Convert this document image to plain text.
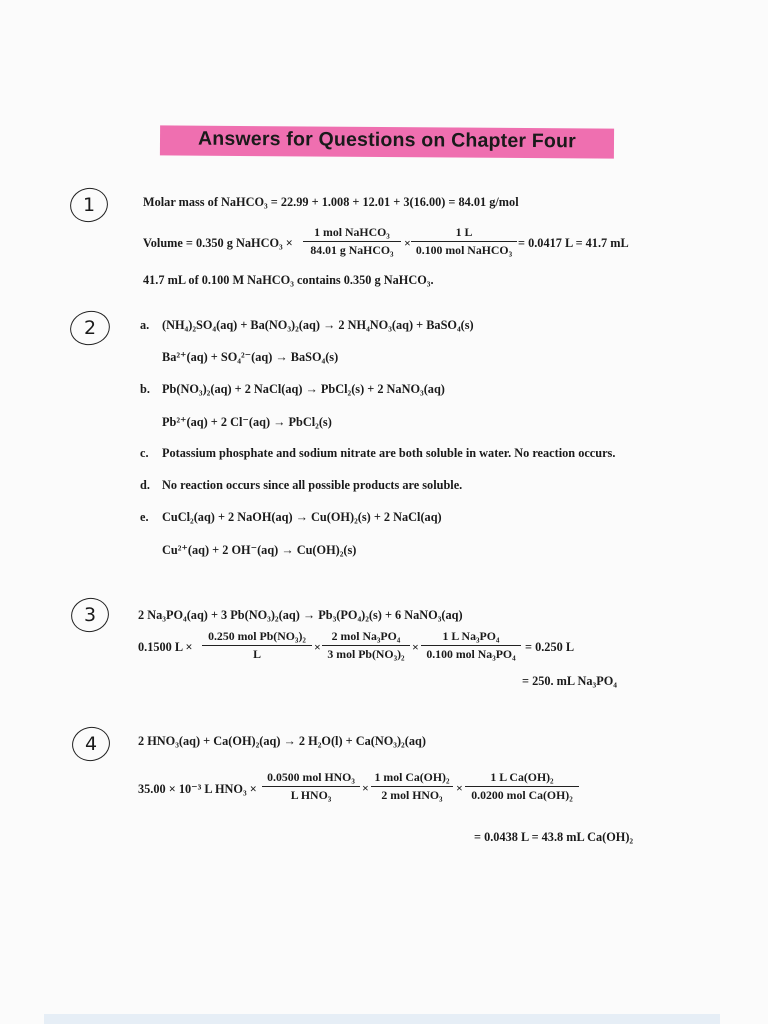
Answers for Questions on Chapter Four
1	Molar mass of NaHCO₃ = 22.99 + 1.008 + 12.01 + 3(16.00) = 84.01 g/mol
Volume = 0.350 g NaHCO₃ ×
1 mol NaHCO₃
84.01 g NaHCO₃ ×
1 L
0.100 mol NaHCO₃ = 0.0417 L = 41.7 mL
41.7 mL of 0.100 M NaHCO₃ contains 0.350 g NaHCO₃.
2	a. (NH₄)₂SO₄(aq) + Ba(NO₃)₂(aq) → 2 NH₄NO₃(aq) + BaSO₄(s)
Ba²⁺(aq) + SO₄²⁻(aq) → BaSO₄(s)
b. Pb(NO₃)₂(aq) + 2 NaCl(aq) → PbCl₂(s) + 2 NaNO₃(aq)
Pb²⁺(aq) + 2 Cl⁻(aq) → PbCl₂(s)
c. Potassium phosphate and sodium nitrate are both soluble in water. No reaction occurs.
d. No reaction occurs since all possible products are soluble.
e. CuCl₂(aq) + 2 NaOH(aq) → Cu(OH)₂(s) + 2 NaCl(aq)
Cu²⁺(aq) + 2 OH⁻(aq) → Cu(OH)₂(s)
3	2 Na₃PO₄(aq) + 3 Pb(NO₃)₂(aq) → Pb₃(PO₄)₂(s) + 6 NaNO₃(aq)
0.1500 L ×
0.250 mol Pb(NO₃)₂
L	×
2 mol Na₃PO₄
3 mol Pb(NO₃)₂ ×
1 L Na₃PO₄
0.100 mol Na₃PO₄ = 0.250 L
= 250. mL Na₃PO₄
4	2 HNO₃(aq) + Ca(OH)₂(aq) → 2 H₂O(l) + Ca(NO₃)₂(aq)
35.00 × 10⁻³ L HNO₃ ×
0.0500 mol HNO₃
L HNO₃	×
1 mol Ca(OH)₂
2 mol HNO₃	×
1 L Ca(OH)₂
0.0200 mol Ca(OH)₂
= 0.0438 L = 43.8 mL Ca(OH)₂
